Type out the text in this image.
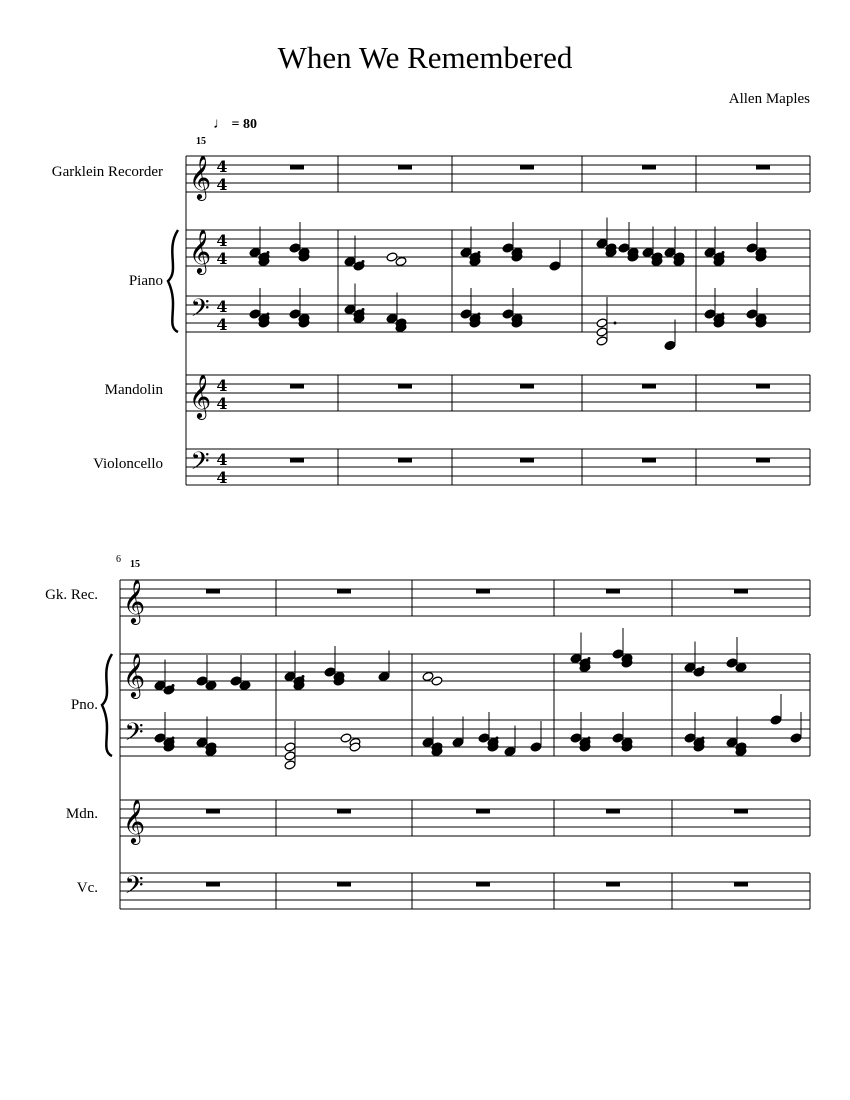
When We Remembered
Allen Maples
♩ = 80
Garklein Recorder
Piano
Mandolin
Violoncello
15
Gk. Rec.
Pno.
Mdn.
Vc.
6 15
𝄞 4
4
𝄞 4
4
𝄞 4
4
𝄢 4
4
𝄢 4
4
𝄞
𝄞
𝄞
𝄢
𝄢
